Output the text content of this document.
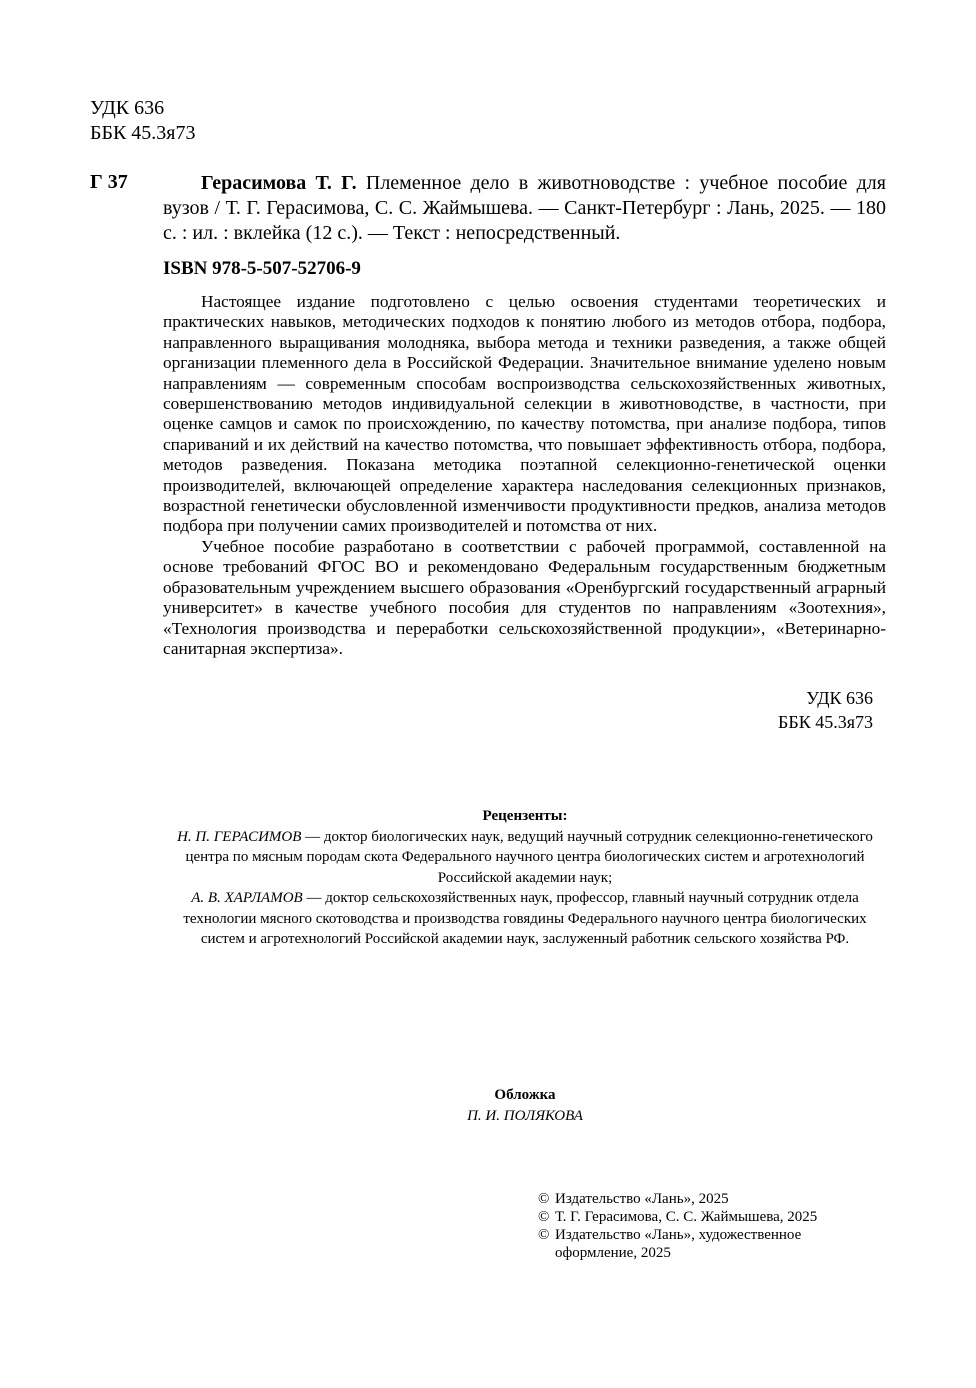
УДК 636
ББК 45.3я73
Г 37	Герасимова Т. Г. Племенное дело в животноводстве : учебное пособие для вузов / Т. Г. Герасимова, С. С. Жаймышева. — Санкт-Петербург : Лань, 2025. — 180 с. : ил. : вклейка (12 с.). — Текст : непосредственный.
ISBN 978-5-507-52706-9

Настоящее издание подготовлено с целью освоения студентами теоретических и практических навыков, методических подходов к понятию любого из методов отбора, подбора, направленного выращивания молодняка, выбора метода и техники разведения, а также общей организации племенного дела в Российской Федерации. Значительное внимание уделено новым направлениям — современным способам воспроизводства сельскохозяйственных животных, совершенствованию методов индивидуальной селекции в животноводстве, в частности, при оценке самцов и самок по происхождению, по качеству потомства, при анализе подбора, типов спариваний и их действий на качество потомства, что повышает эффективность отбора, подбора, методов разведения. Показана методика поэтапной селекционно-генетической оценки производителей, включающей определение характера наследования селекционных признаков, возрастной генетически обусловленной изменчивости продуктивности предков, анализа методов подбора при получении самих производителей и потомства от них.

Учебное пособие разработано в соответствии с рабочей программой, составленной на основе требований ФГОС ВО и рекомендовано Федеральным государственным бюджетным образовательным учреждением высшего образования «Оренбургский государственный аграрный университет» в качестве учебного пособия для студентов по направлениям «Зоотехния», «Технология производства и переработки сельскохозяйственной продукции», «Ветеринарно-санитарная экспертиза».

УДК 636
ББК 45.3я73
Рецензенты:
Н. П. ГЕРАСИМОВ — доктор биологических наук, ведущий научный сотрудник селекционно-генетического центра по мясным породам скота Федерального научного центра биологических систем и агротехнологий Российской академии наук;
А. В. ХАРЛАМОВ — доктор сельскохозяйственных наук, профессор, главный научный сотрудник отдела технологии мясного скотоводства и производства говядины Федерального научного центра биологических систем и агротехнологий Российской академии наук, заслуженный работник сельского хозяйства РФ.
Обложка
П. И. ПОЛЯКОВА
© Издательство «Лань», 2025
© Т. Г. Герасимова, С. С. Жаймышева, 2025
© Издательство «Лань», художественное оформление, 2025
